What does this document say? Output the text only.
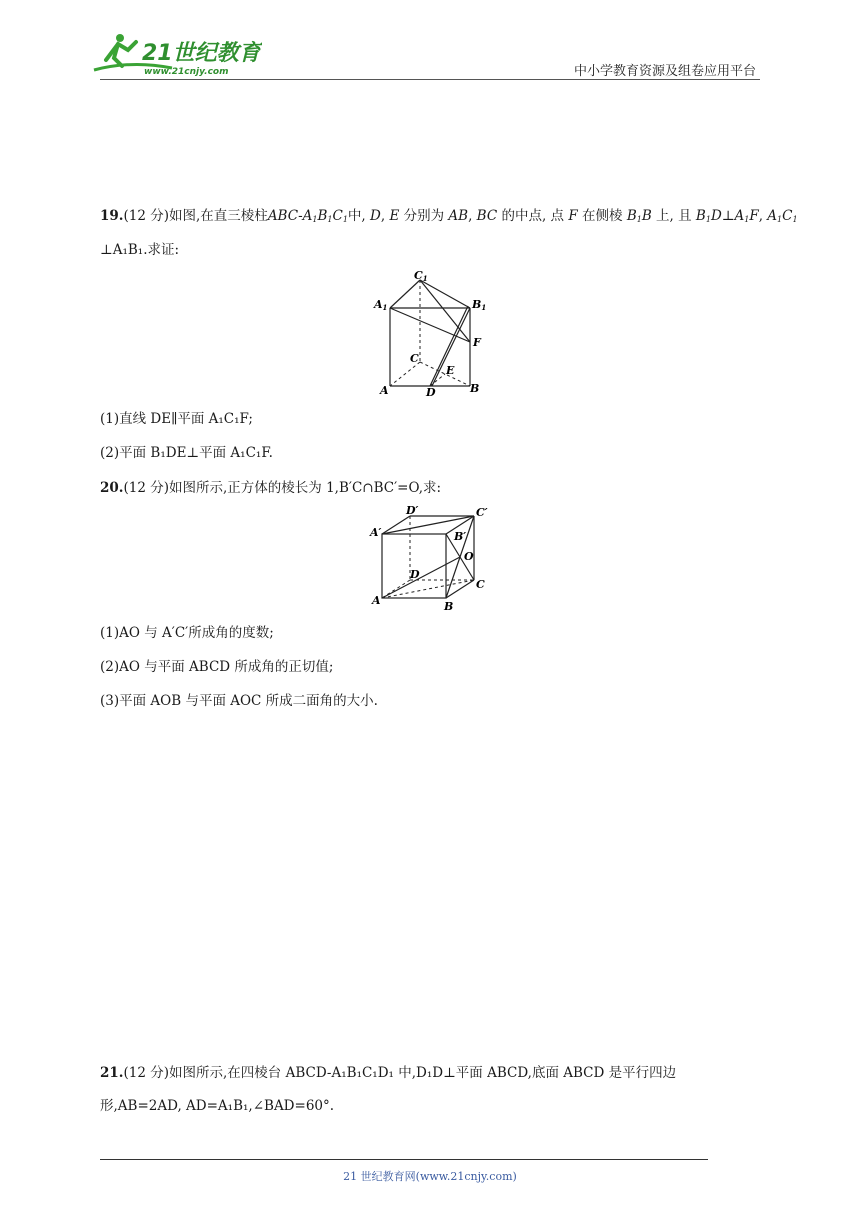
21世纪教育
www.21cnjy.com	中小学教育资源及组卷应用平台
19.(12 分)如图,在直三棱柱ABC-$A_1B_1C_1$中, D, E 分别为 AB, BC 的中点, 点 F 在侧棱 $B_1B$ 上, 且 $B_1D\perp A_1F$, $A_1C_1$
⊥A₁B₁.求证:
C1
A1	B1
F
C
E
A	B
D
(1)直线 DE∥平面 A₁C₁F;
(2)平面 B₁DE⊥平面 A₁C₁F.
20.(12 分)如图所示,正方体的棱长为 1,B′C∩BC′=O,求:
D′	C′
A′	B′
O
D
C
A	B
(1)AO 与 A′C′所成角的度数;
(2)AO 与平面 ABCD 所成角的正切值;
(3)平面 AOB 与平面 AOC 所成二面角的大小.
21.(12 分)如图所示,在四棱台 ABCD-A₁B₁C₁D₁ 中,D₁D⊥平面 ABCD,底面 ABCD 是平行四边
形,AB=2AD, AD=A₁B₁,∠BAD=60°.
21 世纪教育网(www.21cnjy.com)
